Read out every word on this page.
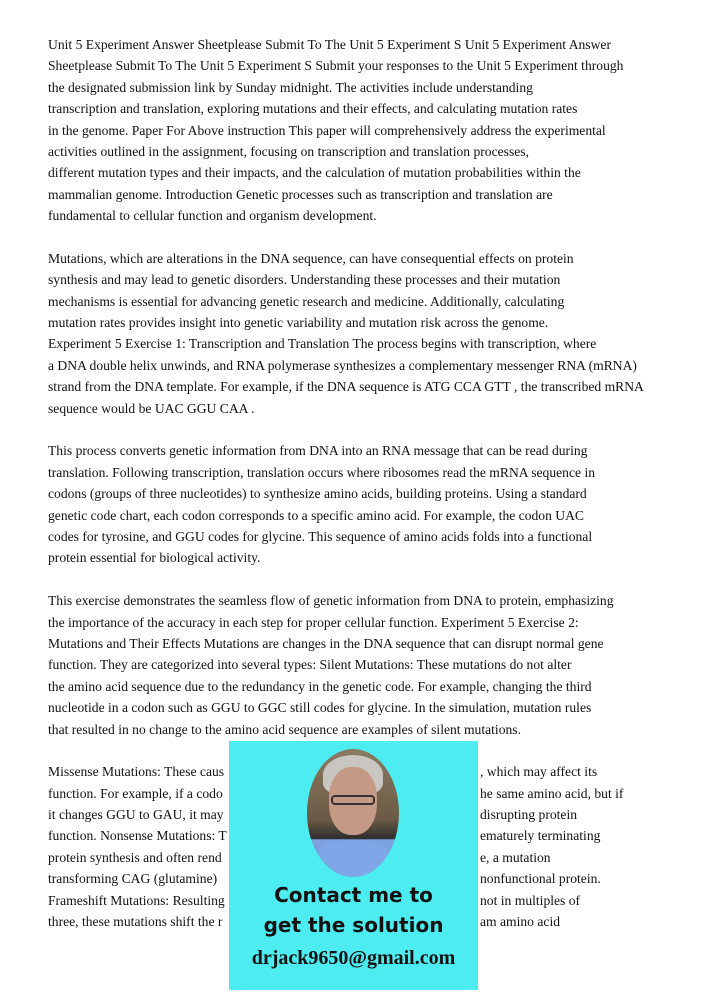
Unit 5 Experiment Answer Sheetplease Submit To The Unit 5 Experiment S Unit 5 Experiment Answer
Sheetplease Submit To The Unit 5 Experiment S Submit your responses to the Unit 5 Experiment through
the designated submission link by Sunday midnight. The activities include understanding
transcription and translation, exploring mutations and their effects, and calculating mutation rates
in the genome. Paper For Above instruction This paper will comprehensively address the experimental
activities outlined in the assignment, focusing on transcription and translation processes,
different mutation types and their impacts, and the calculation of mutation probabilities within the
mammalian genome. Introduction Genetic processes such as transcription and translation are
fundamental to cellular function and organism development.
Mutations, which are alterations in the DNA sequence, can have consequential effects on protein
synthesis and may lead to genetic disorders. Understanding these processes and their mutation
mechanisms is essential for advancing genetic research and medicine. Additionally, calculating
mutation rates provides insight into genetic variability and mutation risk across the genome.
Experiment 5 Exercise 1: Transcription and Translation The process begins with transcription, where
a DNA double helix unwinds, and RNA polymerase synthesizes a complementary messenger RNA (mRNA)
strand from the DNA template. For example, if the DNA sequence is ATG CCA GTT , the transcribed mRNA
sequence would be UAC GGU CAA .
This process converts genetic information from DNA into an RNA message that can be read during
translation. Following transcription, translation occurs where ribosomes read the mRNA sequence in
codons (groups of three nucleotides) to synthesize amino acids, building proteins. Using a standard
genetic code chart, each codon corresponds to a specific amino acid. For example, the codon UAC
codes for tyrosine, and GGU codes for glycine. This sequence of amino acids folds into a functional
protein essential for biological activity.
This exercise demonstrates the seamless flow of genetic information from DNA to protein, emphasizing
the importance of the accuracy in each step for proper cellular function. Experiment 5 Exercise 2:
Mutations and Their Effects Mutations are changes in the DNA sequence that can disrupt normal gene
function. They are categorized into several types: Silent Mutations: These mutations do not alter
the amino acid sequence due to the redundancy in the genetic code. For example, changing the third
nucleotide in a codon such as GGU to GGC still codes for glycine. In the simulation, mutation rules
that resulted in no change to the amino acid sequence are examples of silent mutations.
Missense Mutations: These caus	, which may affect its
function. For example, if a codo	he same amino acid, but if
it changes GGU to GAU, it may	disrupting protein
function. Nonsense Mutations: T	ematurely terminating
protein synthesis and often rend	e, a mutation
transforming CAG (glutamine)	nonfunctional protein.
Frameshift Mutations: Resulting	not in multiples of
three, these mutations shift the r	am amino acid
Contact me to
get the solution
drjack9650@gmail.com
